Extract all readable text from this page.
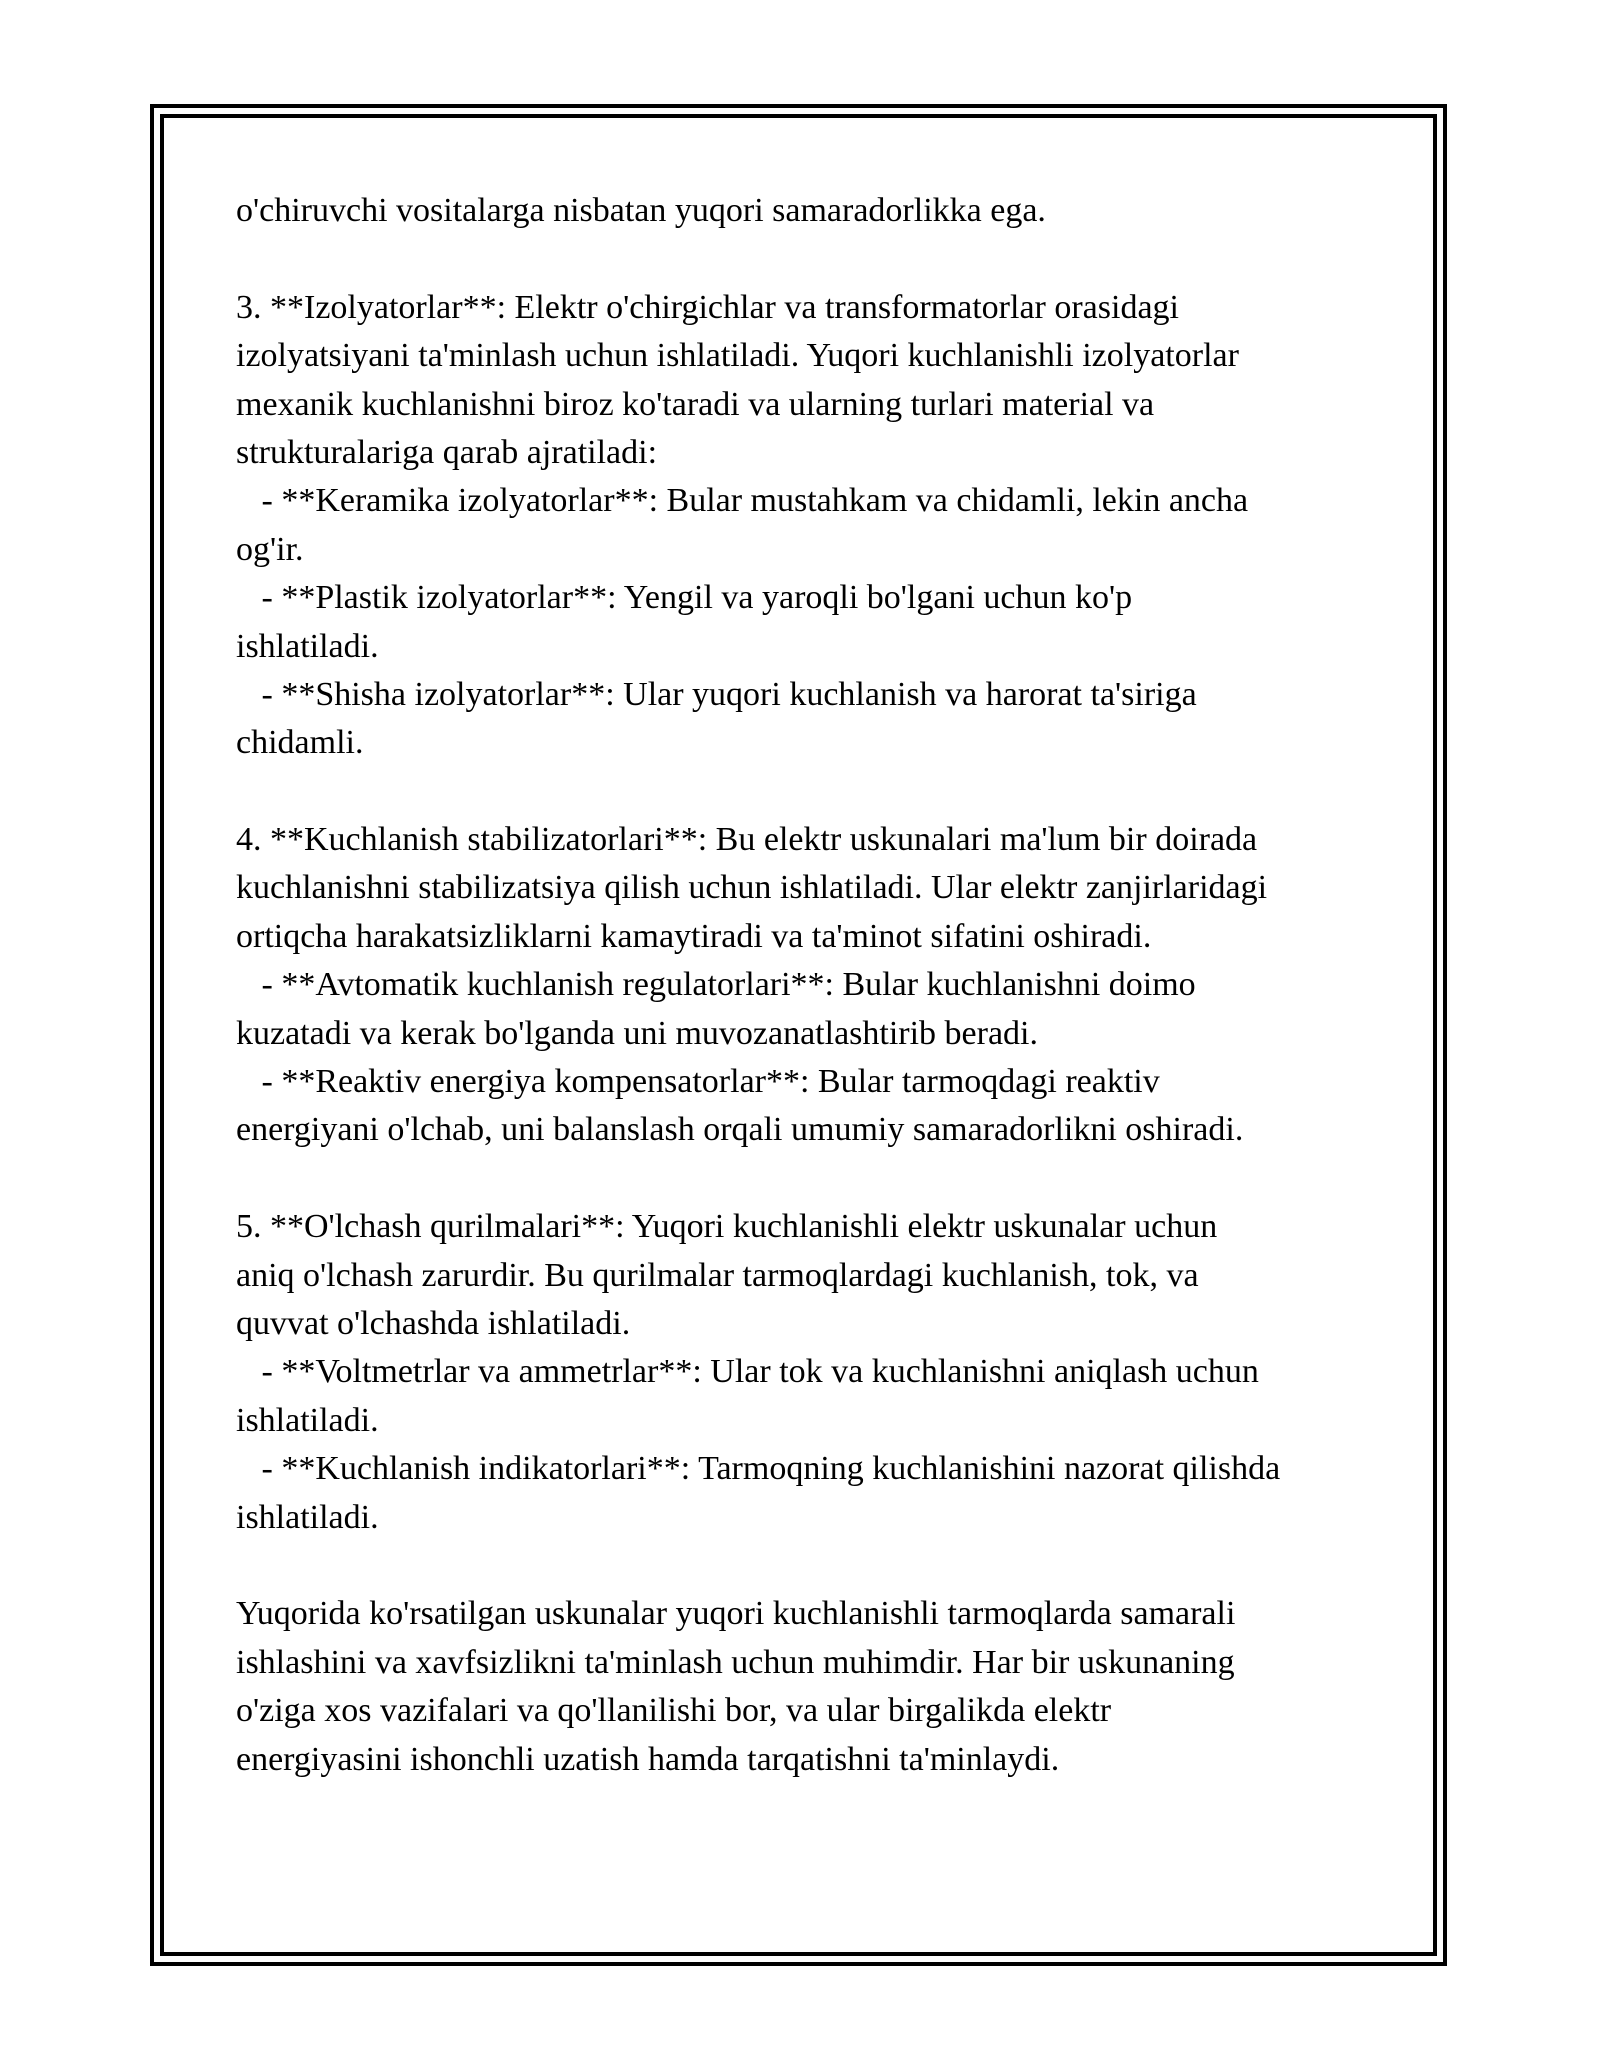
o'chiruvchi vositalarga nisbatan yuqori samaradorlikka ega.
3. **Izolyatorlar**: Elektr o'chirgichlar va transformatorlar orasidagi
izolyatsiyani ta'minlash uchun ishlatiladi. Yuqori kuchlanishli izolyatorlar
mexanik kuchlanishni biroz ko'taradi va ularning turlari material va
strukturalariga qarab ajratiladi:
- **Keramika izolyatorlar**: Bular mustahkam va chidamli, lekin ancha
og'ir.
- **Plastik izolyatorlar**: Yengil va yaroqli bo'lgani uchun ko'p
ishlatiladi.
- **Shisha izolyatorlar**: Ular yuqori kuchlanish va harorat ta'siriga
chidamli.
4. **Kuchlanish stabilizatorlari**: Bu elektr uskunalari ma'lum bir doirada
kuchlanishni stabilizatsiya qilish uchun ishlatiladi. Ular elektr zanjirlaridagi
ortiqcha harakatsizliklarni kamaytiradi va ta'minot sifatini oshiradi.
- **Avtomatik kuchlanish regulatorlari**: Bular kuchlanishni doimo
kuzatadi va kerak bo'lganda uni muvozanatlashtirib beradi.
- **Reaktiv energiya kompensatorlar**: Bular tarmoqdagi reaktiv
energiyani o'lchab, uni balanslash orqali umumiy samaradorlikni oshiradi.
5. **O'lchash qurilmalari**: Yuqori kuchlanishli elektr uskunalar uchun
aniq o'lchash zarurdir. Bu qurilmalar tarmoqlardagi kuchlanish, tok, va
quvvat o'lchashda ishlatiladi.
- **Voltmetrlar va ammetrlar**: Ular tok va kuchlanishni aniqlash uchun
ishlatiladi.
- **Kuchlanish indikatorlari**: Tarmoqning kuchlanishini nazorat qilishda
ishlatiladi.
Yuqorida ko'rsatilgan uskunalar yuqori kuchlanishli tarmoqlarda samarali
ishlashini va xavfsizlikni ta'minlash uchun muhimdir. Har bir uskunaning
o'ziga xos vazifalari va qo'llanilishi bor, va ular birgalikda elektr
energiyasini ishonchli uzatish hamda tarqatishni ta'minlaydi.
